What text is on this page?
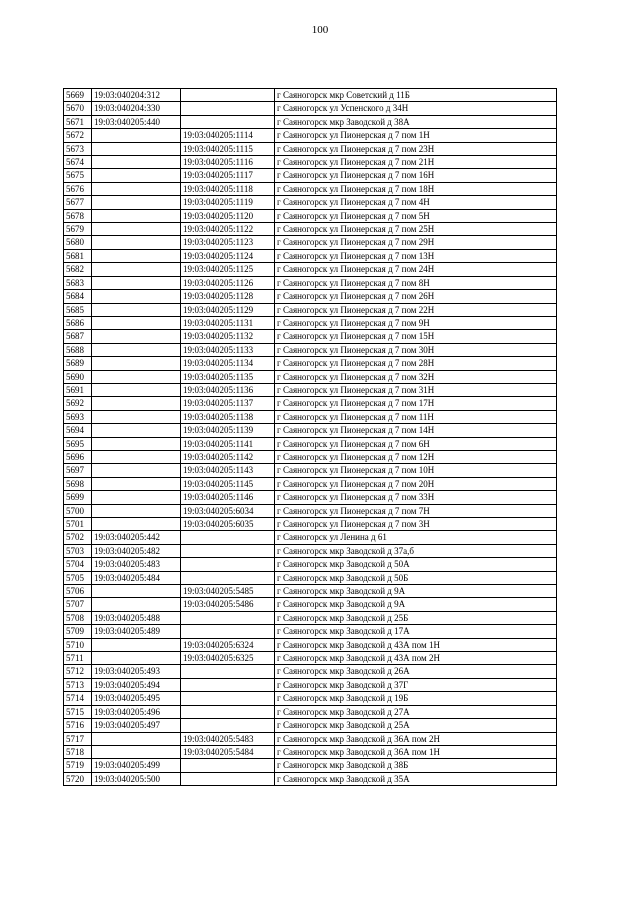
100
5669	19:03:040204:312		г Саяногорск мкр Советский д 11Б
5670	19:03:040204:330		г Саяногорск ул Успенского д 34Н
5671	19:03:040205:440		г Саяногорск мкр Заводской д 38А
5672		19:03:040205:1114	г Саяногорск ул Пионерская д 7 пом 1Н
5673		19:03:040205:1115	г Саяногорск ул Пионерская д 7 пом 23Н
5674		19:03:040205:1116	г Саяногорск ул Пионерская д 7 пом 21Н
5675		19:03:040205:1117	г Саяногорск ул Пионерская д 7 пом 16Н
5676		19:03:040205:1118	г Саяногорск ул Пионерская д 7 пом 18Н
5677		19:03:040205:1119	г Саяногорск ул Пионерская д 7 пом 4Н
5678		19:03:040205:1120	г Саяногорск ул Пионерская д 7 пом 5Н
5679		19:03:040205:1122	г Саяногорск ул Пионерская д 7 пом 25Н
5680		19:03:040205:1123	г Саяногорск ул Пионерская д 7 пом 29Н
5681		19:03:040205:1124	г Саяногорск ул Пионерская д 7 пом 13Н
5682		19:03:040205:1125	г Саяногорск ул Пионерская д 7 пом 24Н
5683		19:03:040205:1126	г Саяногорск ул Пионерская д 7 пом 8Н
5684		19:03:040205:1128	г Саяногорск ул Пионерская д 7 пом 26Н
5685		19:03:040205:1129	г Саяногорск ул Пионерская д 7 пом 22Н
5686		19:03:040205:1131	г Саяногорск ул Пионерская д 7 пом 9Н
5687		19:03:040205:1132	г Саяногорск ул Пионерская д 7 пом 15Н
5688		19:03:040205:1133	г Саяногорск ул Пионерская д 7 пом 30Н
5689		19:03:040205:1134	г Саяногорск ул Пионерская д 7 пом 28Н
5690		19:03:040205:1135	г Саяногорск ул Пионерская д 7 пом 32Н
5691		19:03:040205:1136	г Саяногорск ул Пионерская д 7 пом 31Н
5692		19:03:040205:1137	г Саяногорск ул Пионерская д 7 пом 17Н
5693		19:03:040205:1138	г Саяногорск ул Пионерская д 7 пом 11Н
5694		19:03:040205:1139	г Саяногорск ул Пионерская д 7 пом 14Н
5695		19:03:040205:1141	г Саяногорск ул Пионерская д 7 пом 6Н
5696		19:03:040205:1142	г Саяногорск ул Пионерская д 7 пом 12Н
5697		19:03:040205:1143	г Саяногорск ул Пионерская д 7 пом 10Н
5698		19:03:040205:1145	г Саяногорск ул Пионерская д 7 пом 20Н
5699		19:03:040205:1146	г Саяногорск ул Пионерская д 7 пом 33Н
5700		19:03:040205:6034	г Саяногорск ул Пионерская д 7 пом 7Н
5701		19:03:040205:6035	г Саяногорск ул Пионерская д 7 пом 3Н
5702	19:03:040205:442		г Саяногорск ул Ленина д 61
5703	19:03:040205:482		г Саяногорск мкр Заводской д 37а,б
5704	19:03:040205:483		г Саяногорск мкр Заводской д 50А
5705	19:03:040205:484		г Саяногорск мкр Заводской д 50Б
5706		19:03:040205:5485	г Саяногорск мкр Заводской д 9А
5707		19:03:040205:5486	г Саяногорск мкр Заводской д 9А
5708	19:03:040205:488		г Саяногорск мкр Заводской д 25Б
5709	19:03:040205:489		г Саяногорск мкр Заводской д 17А
5710		19:03:040205:6324	г Саяногорск мкр Заводской д 43А пом 1Н
5711		19:03:040205:6325	г Саяногорск мкр Заводской д 43А пом 2Н
5712	19:03:040205:493		г Саяногорск мкр Заводской д 26А
5713	19:03:040205:494		г Саяногорск мкр Заводской д 37Г
5714	19:03:040205:495		г Саяногорск мкр Заводской д 19Б
5715	19:03:040205:496		г Саяногорск мкр Заводской д 27А
5716	19:03:040205:497		г Саяногорск мкр Заводской д 25А
5717		19:03:040205:5483	г Саяногорск мкр Заводской д 36А пом 2Н
5718		19:03:040205:5484	г Саяногорск мкр Заводской д 36А пом 1Н
5719	19:03:040205:499		г Саяногорск мкр Заводской д 38Б
5720	19:03:040205:500		г Саяногорск мкр Заводской д 35А
